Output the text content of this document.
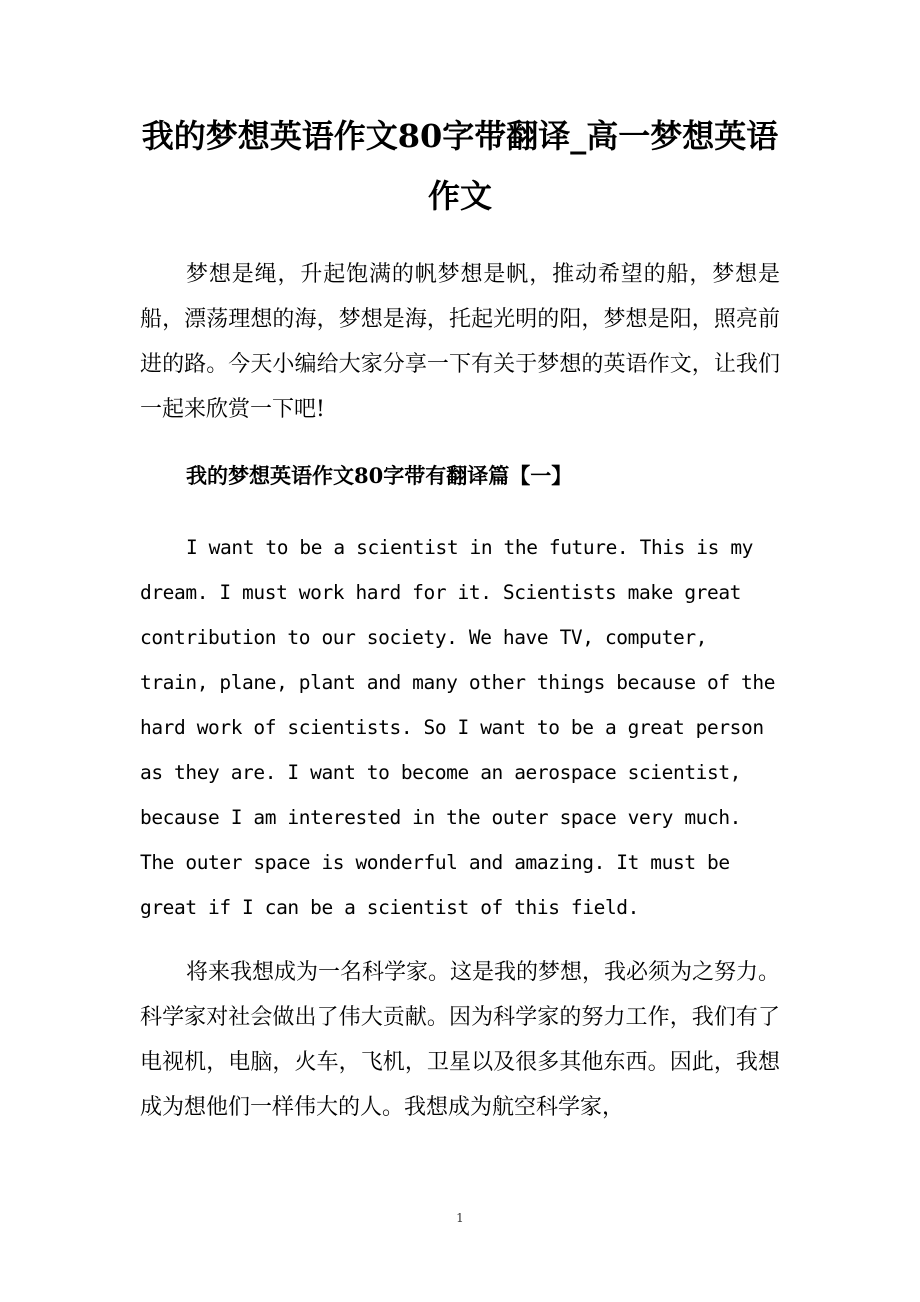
我的梦想英语作文80字带翻译_高一梦想英语作文

梦想是绳，升起饱满的帆梦想是帆，推动希望的船，梦想是船，漂荡理想的海，梦想是海，托起光明的阳，梦想是阳，照亮前进的路。今天小编给大家分享一下有关于梦想的英语作文，让我们一起来欣赏一下吧!

我的梦想英语作文80字带有翻译篇【一】

I want to be a scientist in the future. This is my dream. I must work hard for it. Scientists make great contribution to our society. We have TV, computer, train, plane, plant and many other things because of the hard work of scientists. So I want to be a great person as they are. I want to become an aerospace scientist, because I am interested in the outer space very much. The outer space is wonderful and amazing. It must be great if I can be a scientist of this field.

将来我想成为一名科学家。这是我的梦想，我必须为之努力。科学家对社会做出了伟大贡献。因为科学家的努力工作，我们有了电视机，电脑，火车，飞机，卫星以及很多其他东西。因此，我想成为想他们一样伟大的人。我想成为航空科学家，

1
